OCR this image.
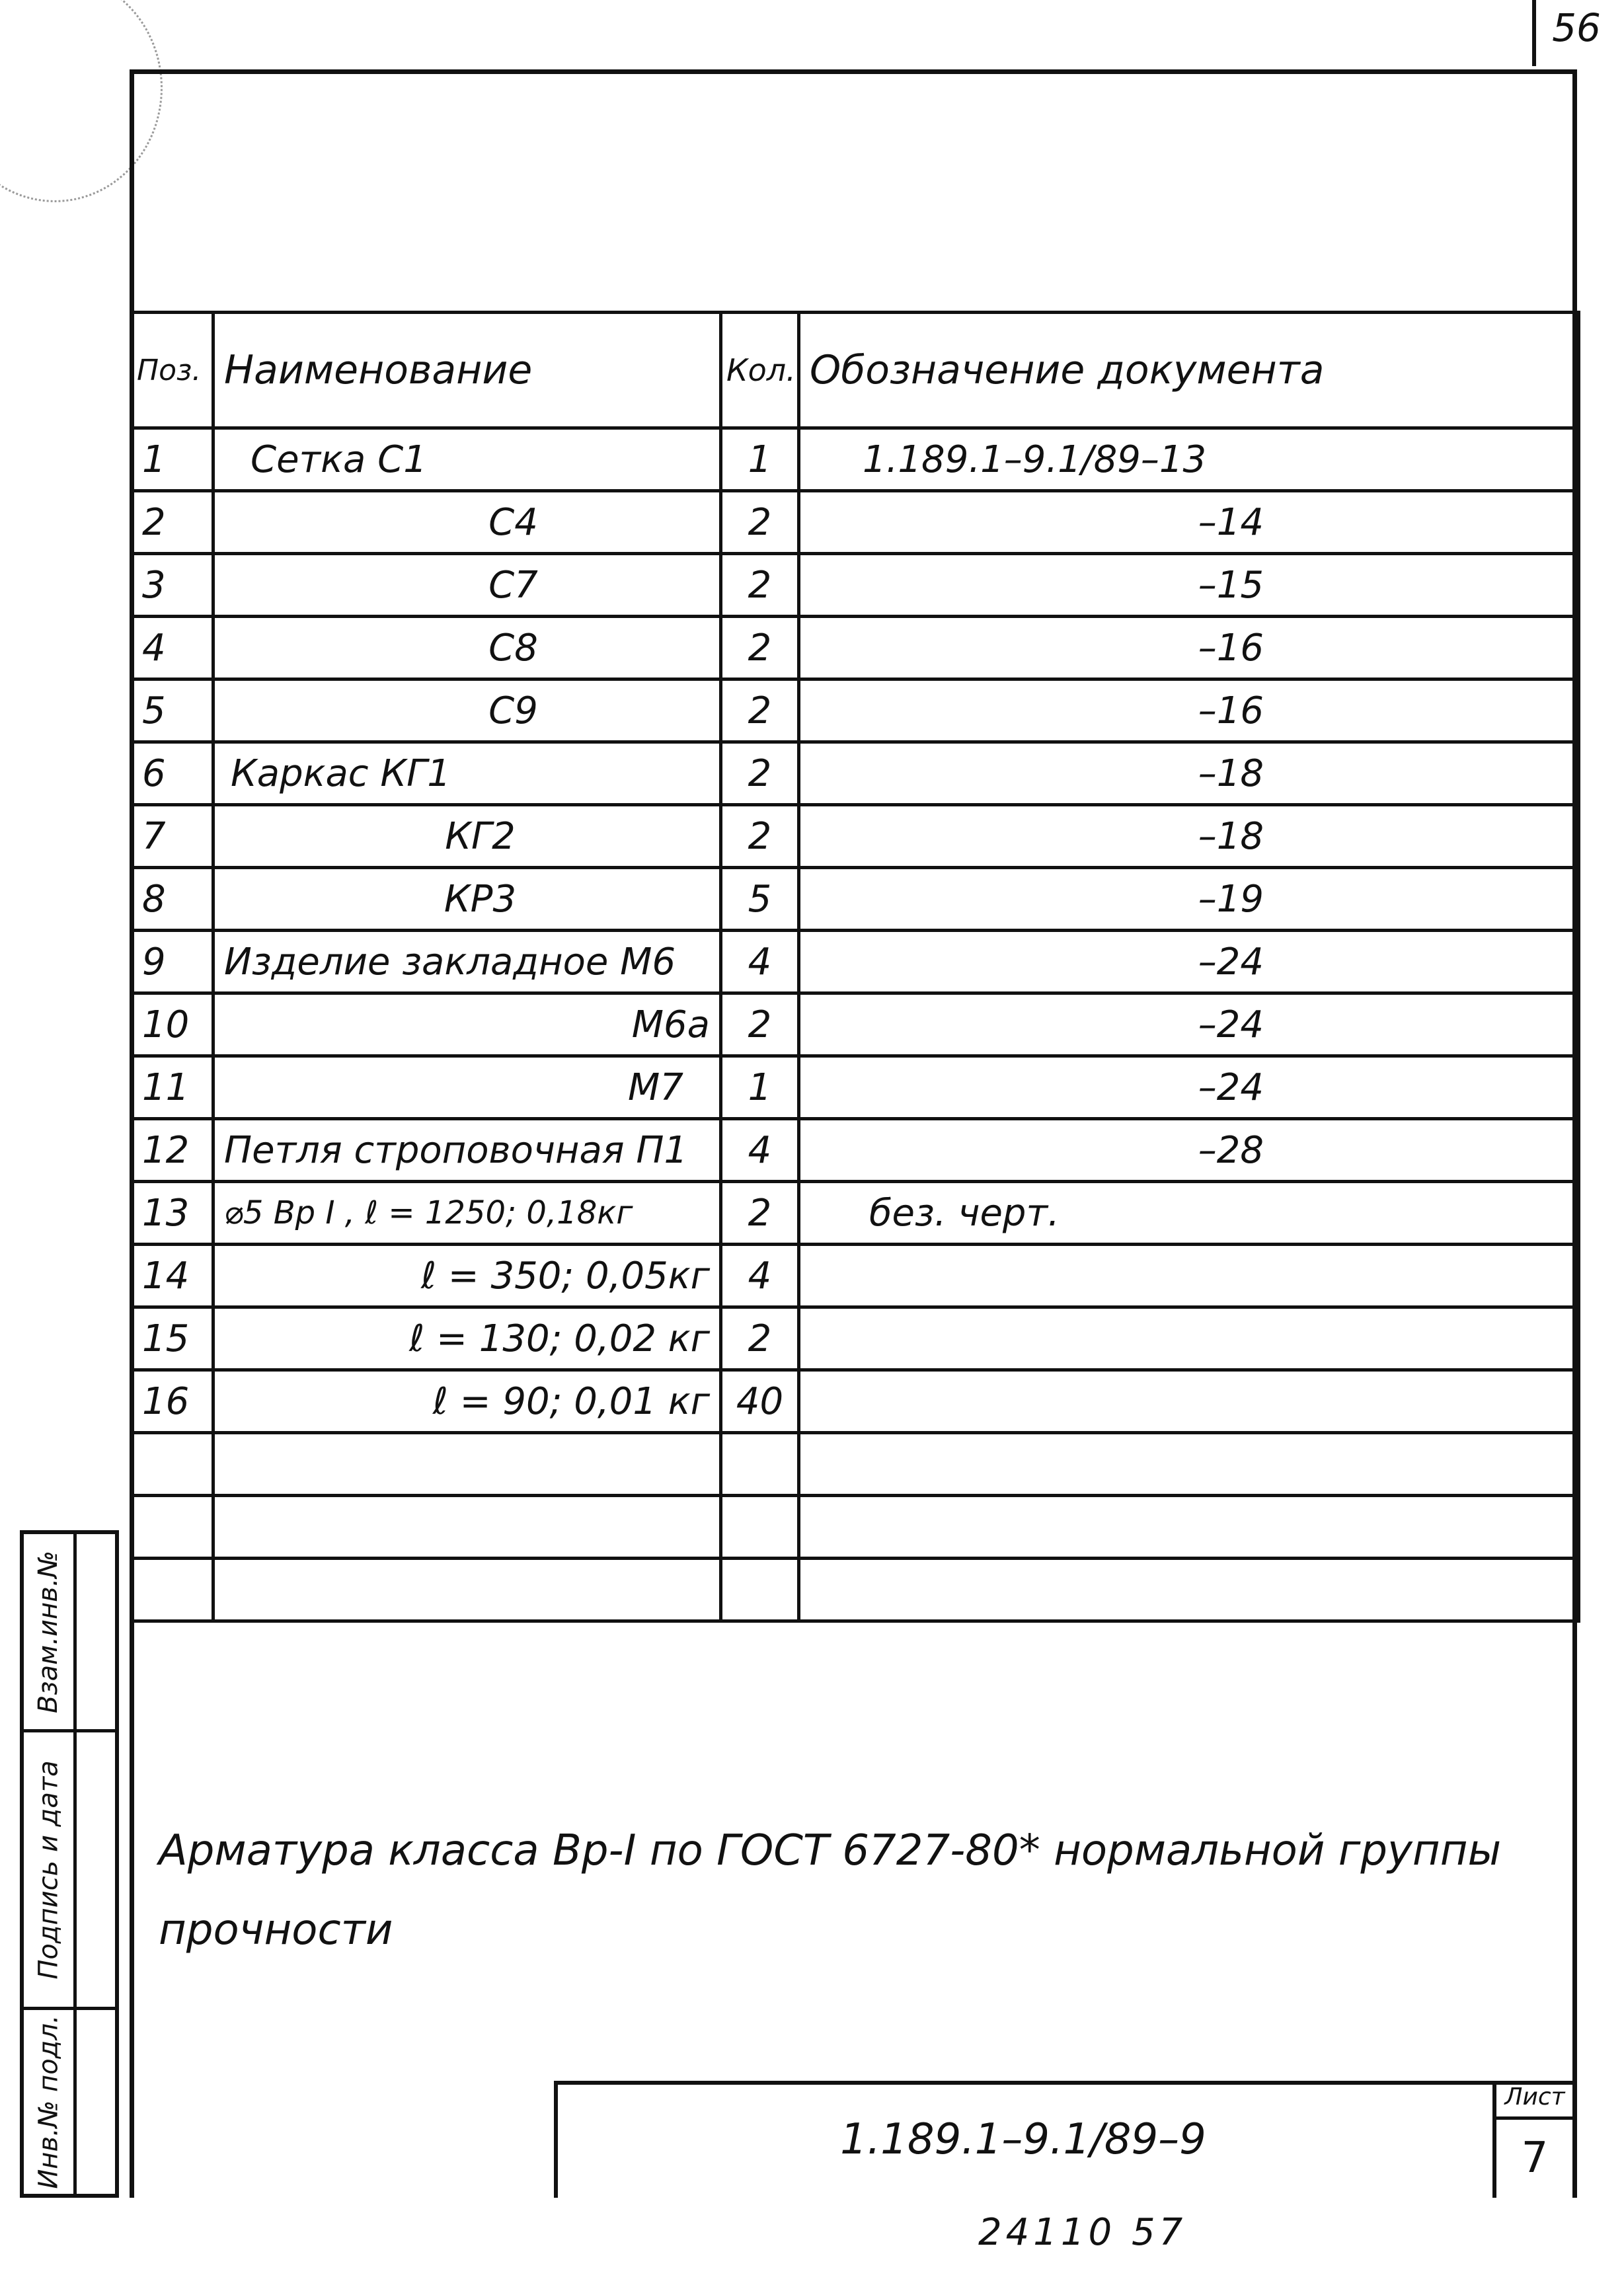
56
Поз.	Наименование	Кол.	Обозначение документа
1	Сетка С1	1	1.189.1–9.1/89–13

2	С4	2	–14

3	С7	2	–15

4	С8	2	–16

5	С9	2	–16

6	Каркас КГ1	2	–18

7	КГ2	2	–18

8	КР3	5	–19

9	Изделие закладное М6	4	–24

10	М6а	2	–24

11	М7	1	–24

12	Петля строповочная П1	4	–28

13	⌀5 Вр I , ℓ = 1250; 0,18кг	2	без. черт.

14	ℓ = 350; 0,05кг	4	
15	ℓ = 130; 0,02 кг	2	
16	ℓ = 90; 0,01 кг	40	

Взам.инв.№
Подпись и дата
Инв.№ подл.
Арматура класса Вр-I по ГОСТ 6727-80* нормальной группы
прочности
1.189.1–9.1/89–9
Лист
7
24110 57
